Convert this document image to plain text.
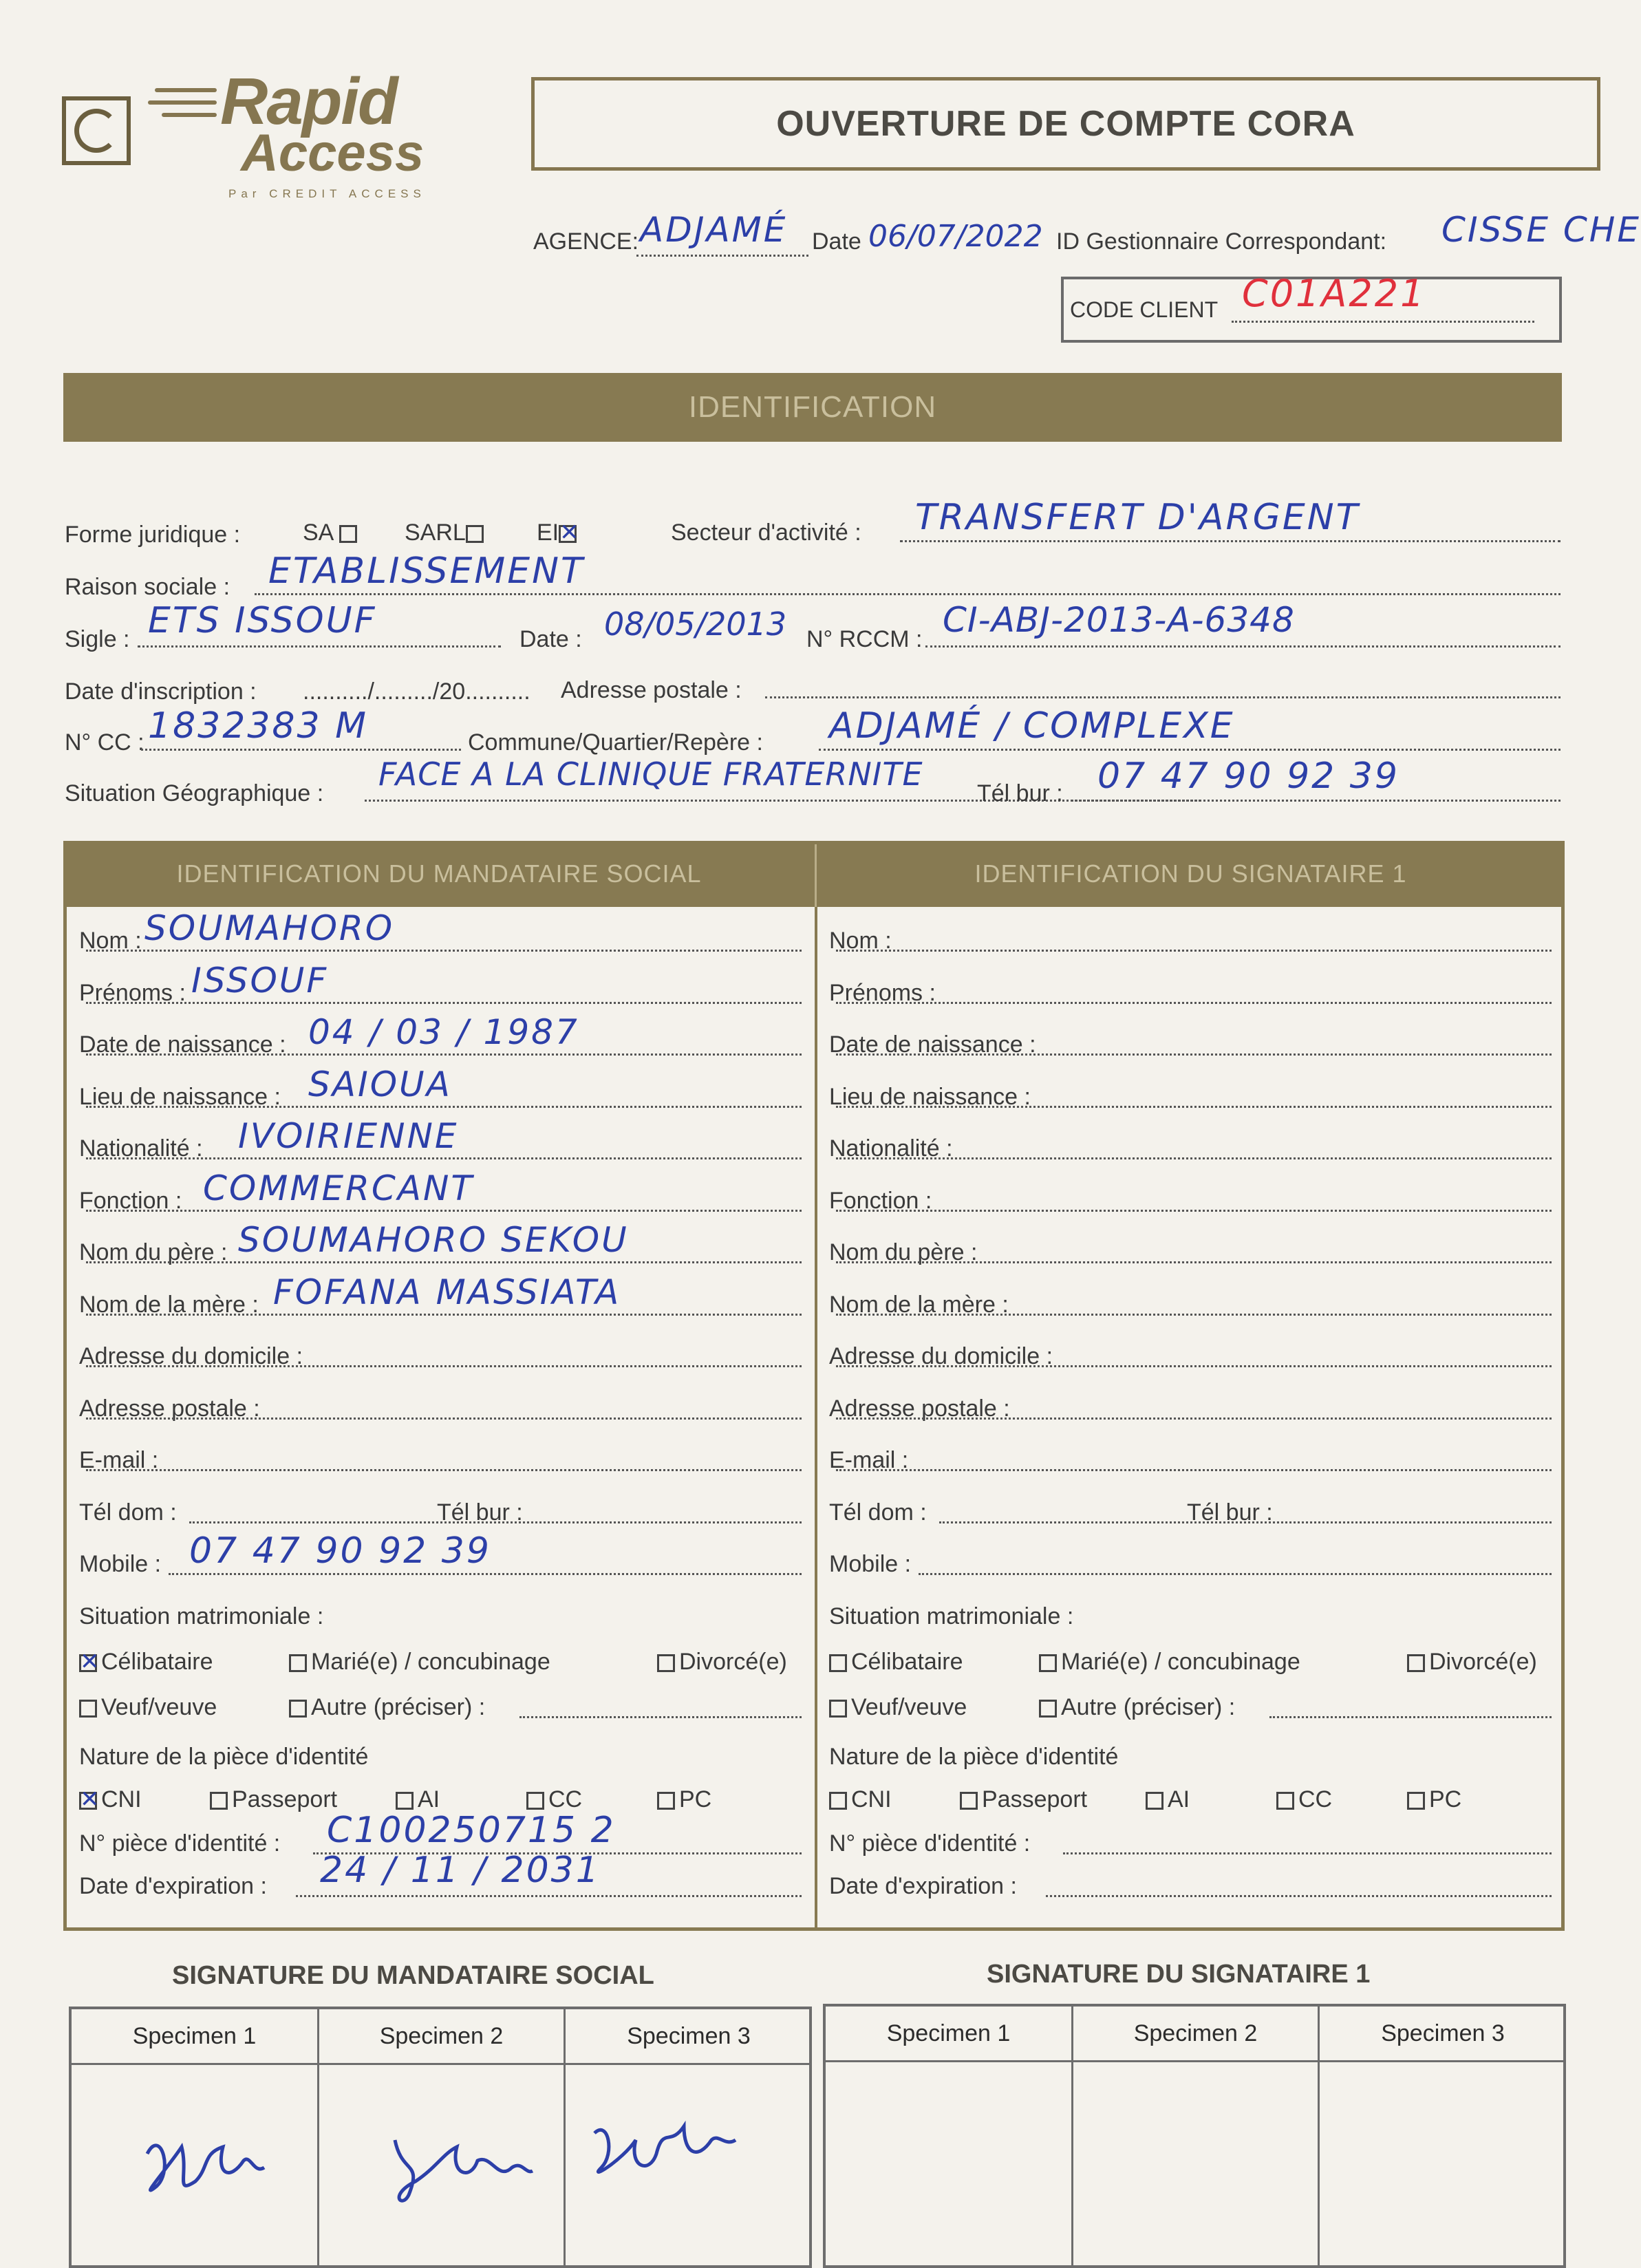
Rapid
Access
Par CREDIT ACCESS
OUVERTURE DE COMPTE CORA
AGENCE: ADJAMÉ Date 06/07/2022 ID Gestionnaire Correspondant: CISSE CHE
CODE CLIENT C01A221
IDENTIFICATION
Forme juridique :	SA	SARL	EI✕	Secteur d'activité : TRANSFERT D'ARGENT
Raison sociale : ETABLISSEMENT
Sigle : ETS ISSOUF	Date : 08/05/2013 N° RCCM : CI-ABJ-2013-A-6348
Date d'inscription : ........../........./20.......... Adresse postale :
N° CC : 1832383 M	Commune/Quartier/Repère : ADJAMÉ / COMPLEXE
Situation Géographique :
FACE A LA CLINIQUE FRATERNITE
Tél bur : 07 47 90 92 39
IDENTIFICATION DU MANDATAIRE SOCIAL	IDENTIFICATION DU SIGNATAIRE 1
SIGNATURE DU MANDATAIRE SOCIAL	SIGNATURE DU SIGNATAIRE 1
Specimen 1	Specimen 2	Specimen 3	Specimen 1	Specimen 2	Specimen 3
Nom : SOUMAHORO
Prénoms : ISSOUF
Date de naissance : 04 / 03 / 1987
Lieu de naissance : SAIOUA
Nationalité : IVOIRIENNE
Fonction : COMMERCANT
Nom du père : SOUMAHORO SEKOU
Nom de la mère : FOFANA MASSIATA
Adresse du domicile :
Adresse postale :
E-mail :
Tél dom :	Tél bur :
Mobile : 07 47 90 92 39
Situation matrimoniale :
✕Célibataire	Marié(e) / concubinage	Divorcé(e)
Veuf/veuve	Autre (préciser) :
Nature de la pièce d'identité
✕CNI	Passeport	AI	CC	PC
N° pièce d'identité : C100250715 2
Date d'expiration : 24 / 11 / 2031
Nom :
Prénoms :
Date de naissance :
Lieu de naissance :
Nationalité :
Fonction :
Nom du père :
Nom de la mère :
Adresse du domicile :
Adresse postale :
E-mail :
Tél dom :	Tél bur :
Mobile :
Situation matrimoniale :
Célibataire	Marié(e) / concubinage	Divorcé(e)
Veuf/veuve	Autre (préciser) :
Nature de la pièce d'identité
CNI	Passeport	AI	CC	PC
N° pièce d'identité :
Date d'expiration :
